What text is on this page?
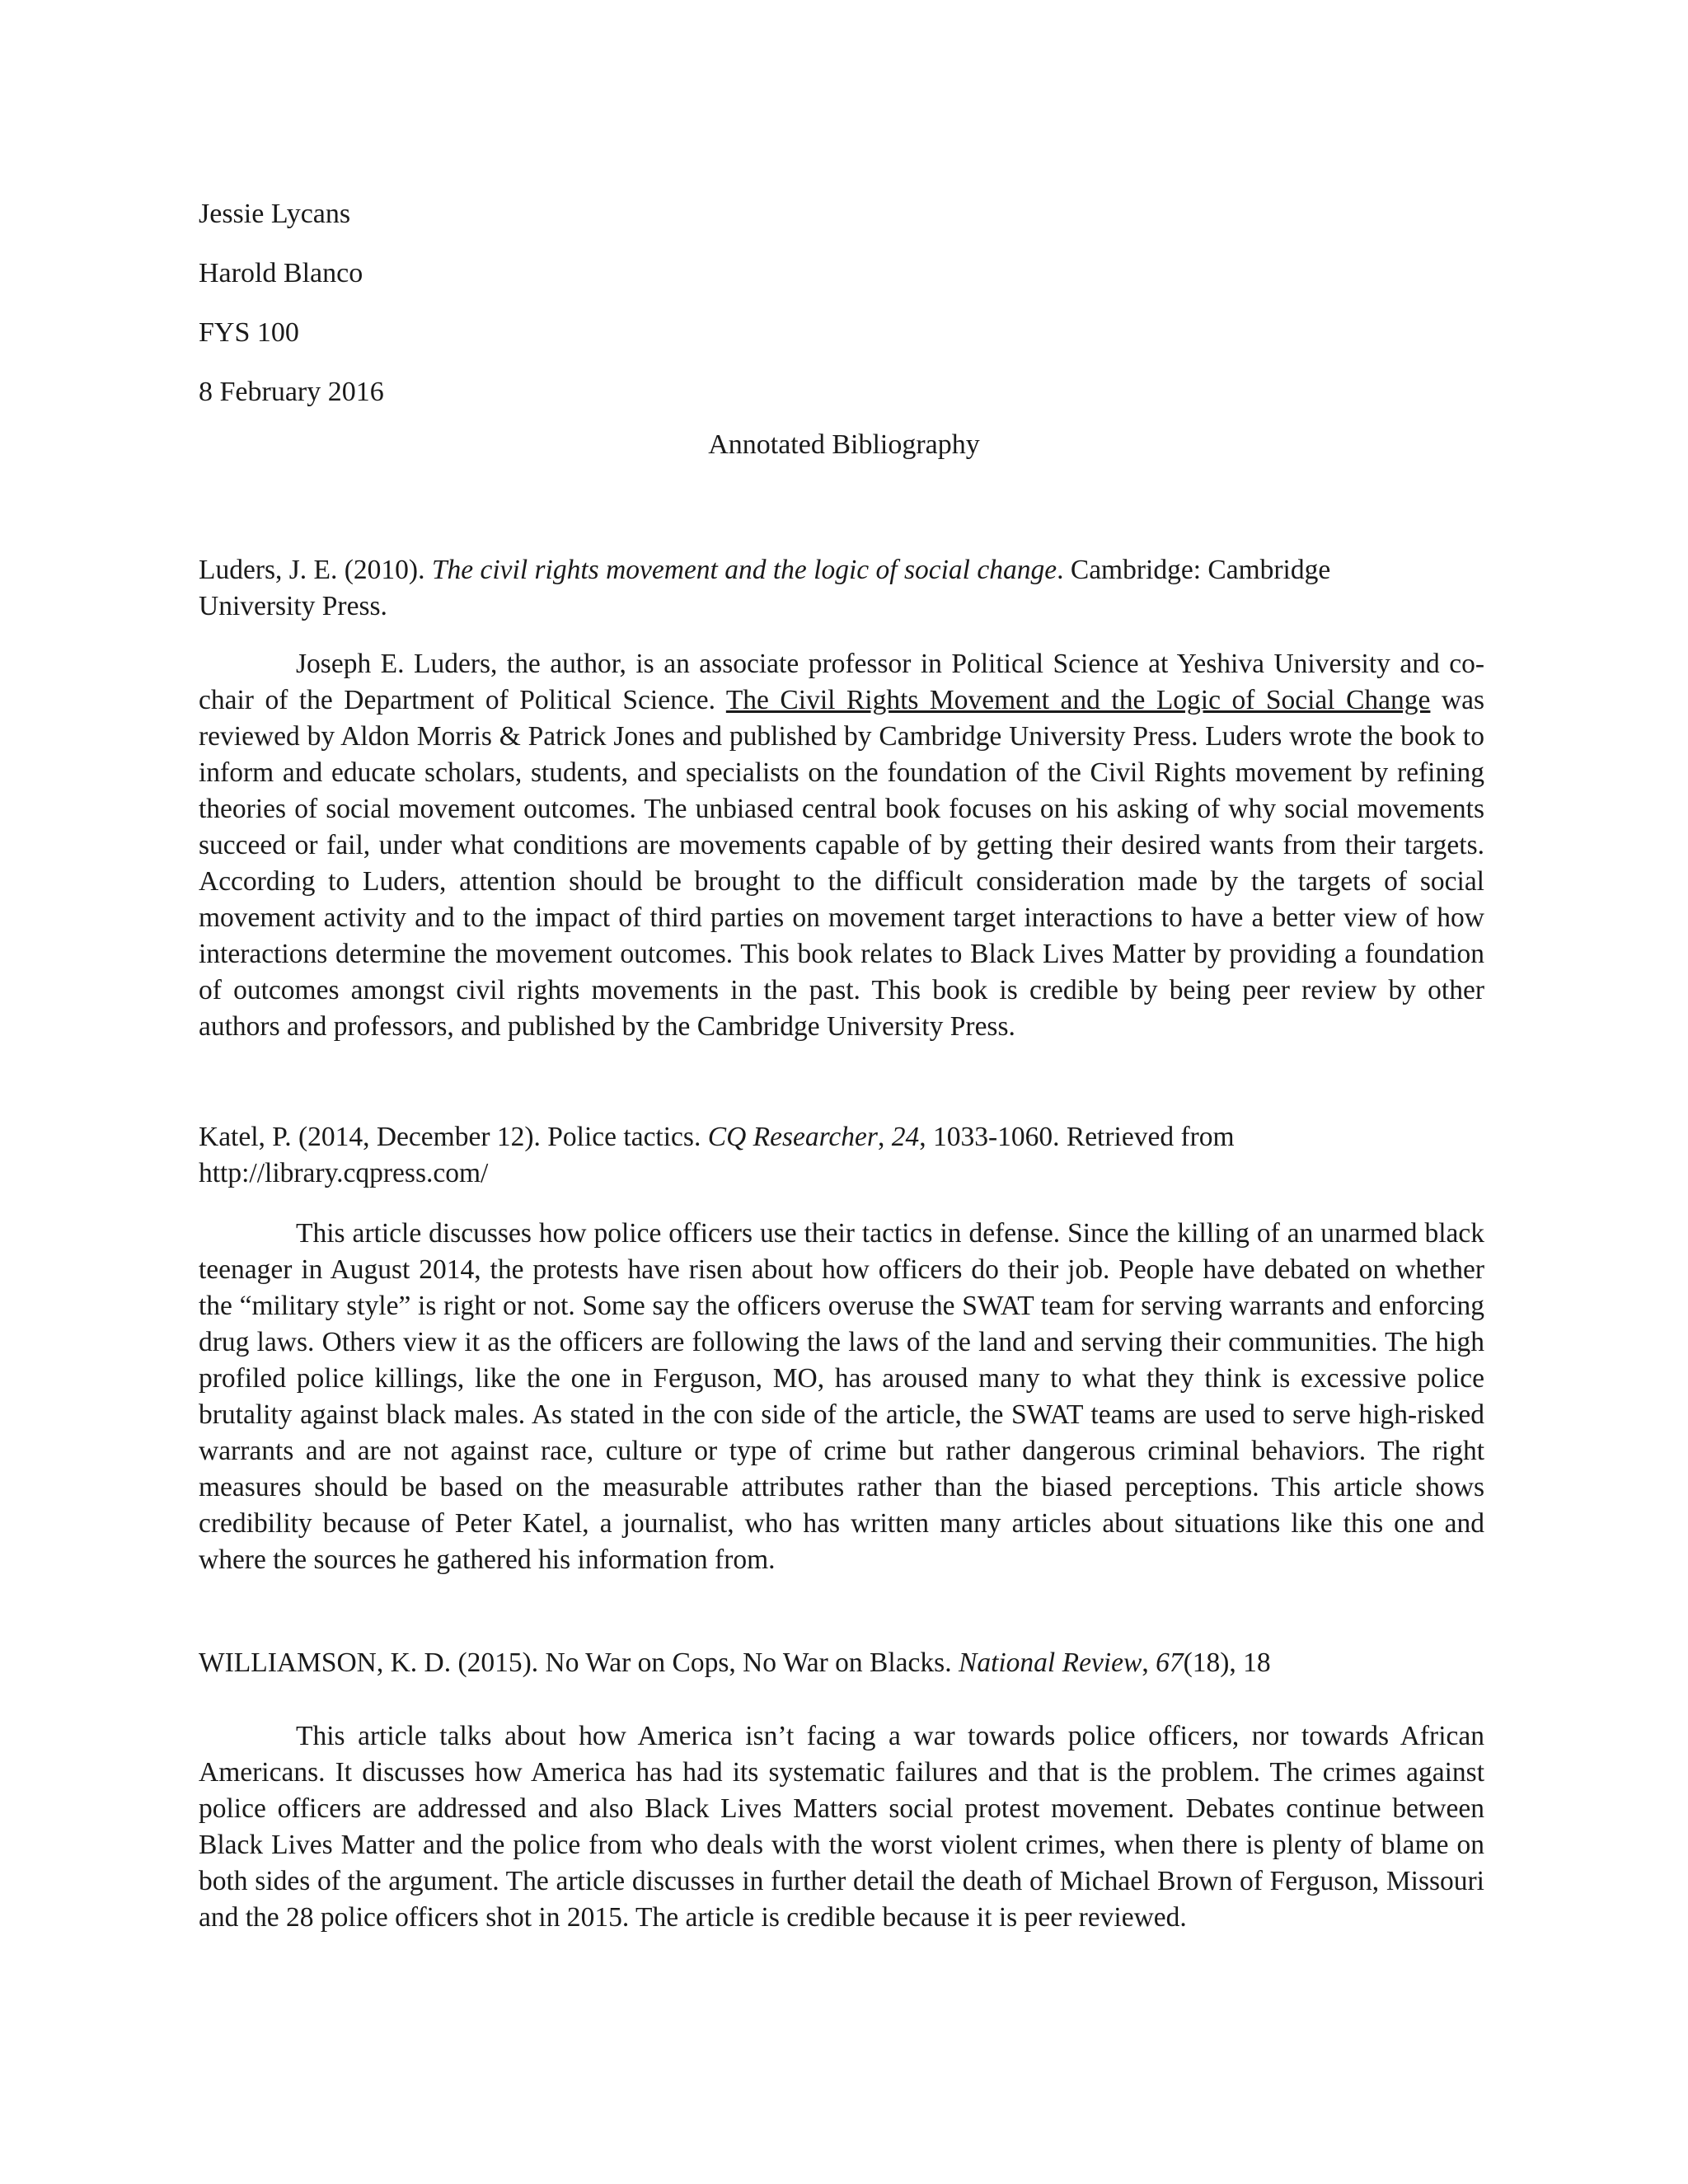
Jessie Lycans
Harold Blanco
FYS 100
8 February 2016
Annotated Bibliography
Luders, J. E. (2010). The civil rights movement and the logic of social change. Cambridge: Cambridge
University Press.
Joseph E. Luders, the author, is an associate professor in Political Science at Yeshiva University and co-chair of the Department of Political Science. The Civil Rights Movement and the Logic of Social Change was reviewed by Aldon Morris & Patrick Jones and published by Cambridge University Press. Luders wrote the book to inform and educate scholars, students, and specialists on the foundation of the Civil Rights movement by refining theories of social movement outcomes. The unbiased central book focuses on his asking of why social movements succeed or fail, under what conditions are movements capable of by getting their desired wants from their targets. According to Luders, attention should be brought to the difficult consideration made by the targets of social movement activity and to the impact of third parties on movement target interactions to have a better view of how interactions determine the movement outcomes. This book relates to Black Lives Matter by providing a foundation of outcomes amongst civil rights movements in the past. This book is credible by being peer review by other authors and professors, and published by the Cambridge University Press.
Katel, P. (2014, December 12). Police tactics. CQ Researcher, 24, 1033-1060. Retrieved from
http://library.cqpress.com/
This article discusses how police officers use their tactics in defense. Since the killing of an unarmed black teenager in August 2014, the protests have risen about how officers do their job. People have debated on whether the “military style” is right or not. Some say the officers overuse the SWAT team for serving warrants and enforcing drug laws. Others view it as the officers are following the laws of the land and serving their communities. The high profiled police killings, like the one in Ferguson, MO, has aroused many to what they think is excessive police brutality against black males. As stated in the con side of the article, the SWAT teams are used to serve high-risked warrants and are not against race, culture or type of crime but rather dangerous criminal behaviors. The right measures should be based on the measurable attributes rather than the biased perceptions. This article shows credibility because of Peter Katel, a journalist, who has written many articles about situations like this one and where the sources he gathered his information from.
WILLIAMSON, K. D. (2015). No War on Cops, No War on Blacks. National Review, 67(18), 18
This article talks about how America isn’t facing a war towards police officers, nor towards African Americans. It discusses how America has had its systematic failures and that is the problem. The crimes against police officers are addressed and also Black Lives Matters social protest movement. Debates continue between Black Lives Matter and the police from who deals with the worst violent crimes, when there is plenty of blame on both sides of the argument. The article discusses in further detail the death of Michael Brown of Ferguson, Missouri and the 28 police officers shot in 2015. The article is credible because it is peer reviewed.
